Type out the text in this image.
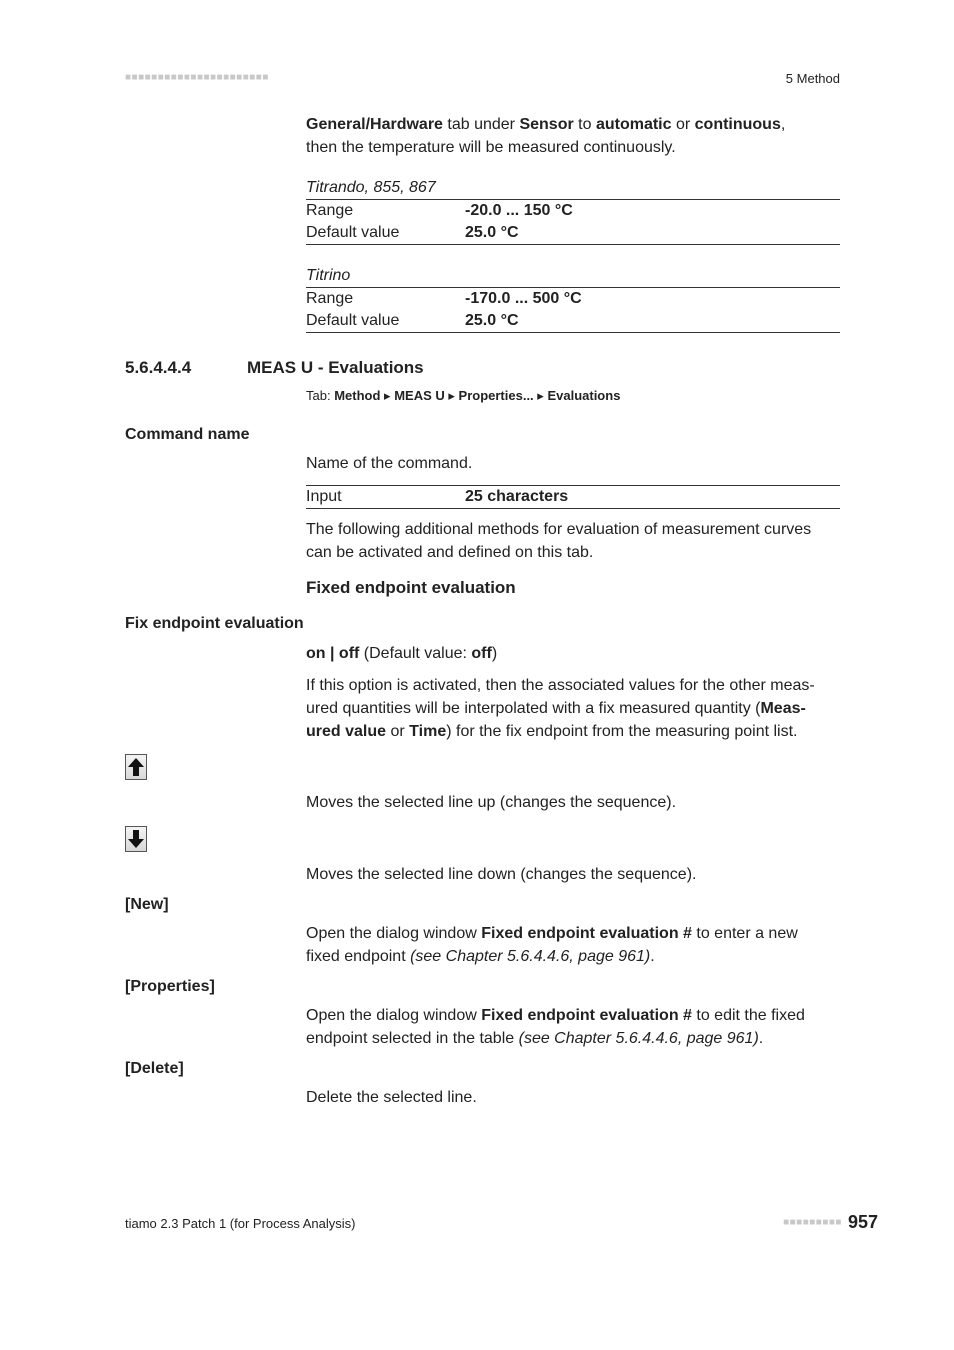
■■■■■■■■■■■■■■■■■■■■■■	5 Method
General/Hardware tab under Sensor to automatic or continuous,
then the temperature will be measured continuously.
Titrando, 855, 867
Range	-20.0 ... 150 °C
Default value	25.0 °C
Titrino
Range	-170.0 ... 500 °C
Default value	25.0 °C
5.6.4.4.4	MEAS U - Evaluations
Tab: Method ▸ MEAS U ▸ Properties... ▸ Evaluations
Command name
Name of the command.
Input	25 characters
The following additional methods for evaluation of measurement curves
can be activated and defined on this tab.
Fixed endpoint evaluation
Fix endpoint evaluation
on | off (Default value: off)
If this option is activated, then the associated values for the other meas-
ured quantities will be interpolated with a fix measured quantity (Meas-
ured value or Time) for the fix endpoint from the measuring point list.
Moves the selected line up (changes the sequence).
Moves the selected line down (changes the sequence).
[New]
Open the dialog window Fixed endpoint evaluation # to enter a new
fixed endpoint (see Chapter 5.6.4.4.6, page 961).
[Properties]
Open the dialog window Fixed endpoint evaluation # to edit the fixed
endpoint selected in the table (see Chapter 5.6.4.4.6, page 961).
[Delete]
Delete the selected line.
tiamo 2.3 Patch 1 (for Process Analysis)	■■■■■■■■■ 957
